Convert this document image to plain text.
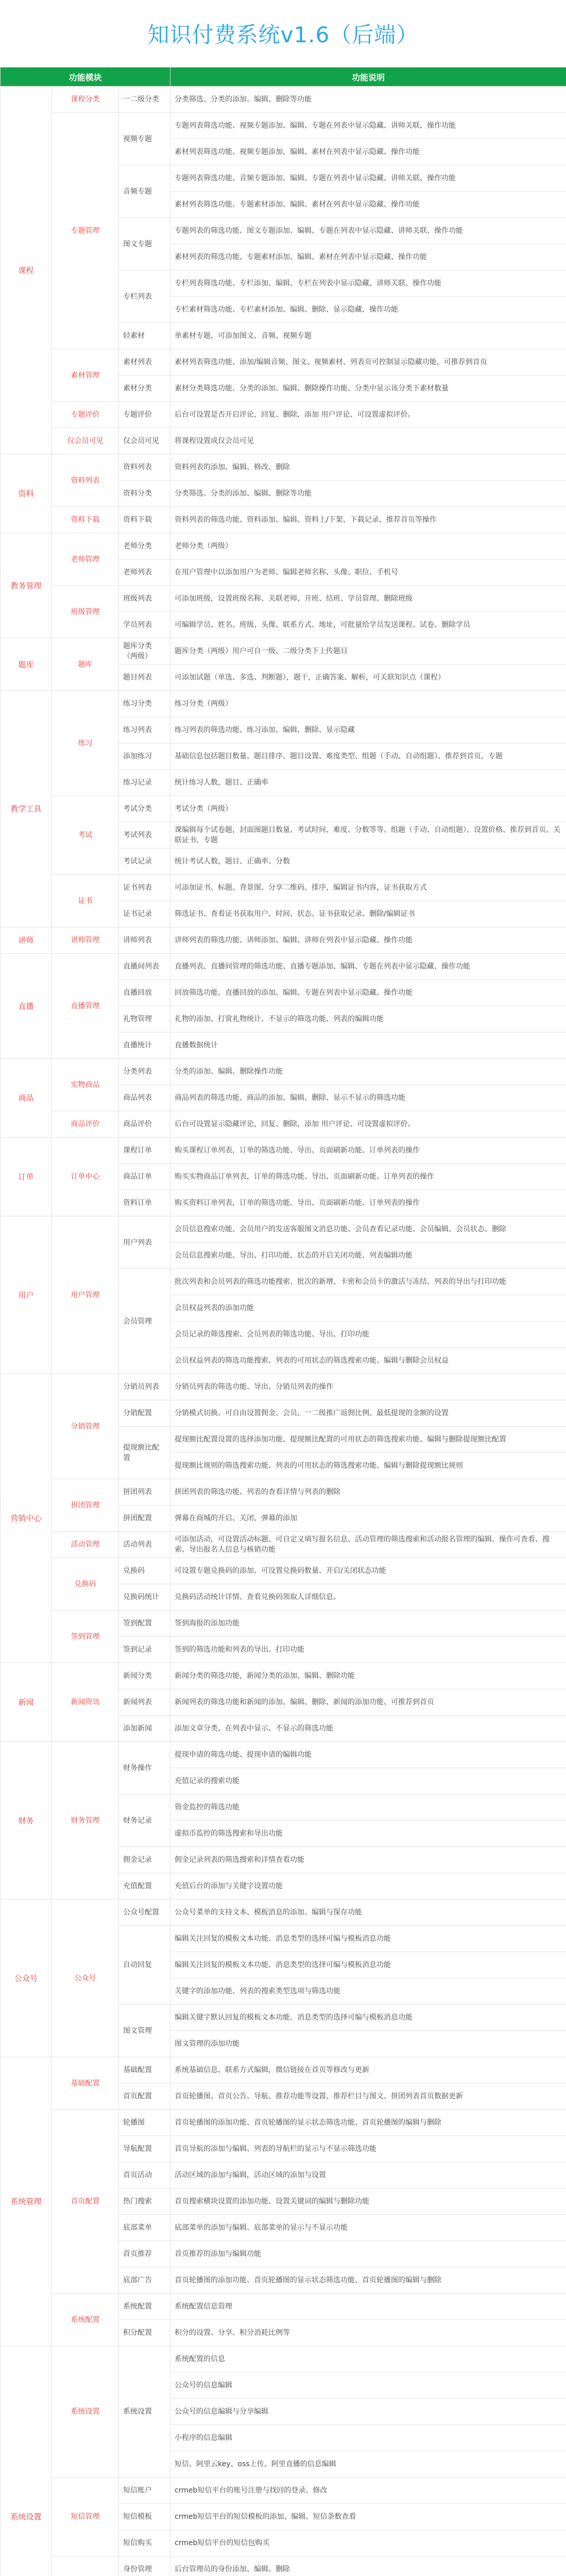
知识付费系统v1.6（后端）
功能模块			功能说明
课程	课程分类	一二级分类	分类筛选、分类的添加、编辑、删除等功能
	专题管理	视频专题	专题列表筛选功能、视频专题添加、编辑、专题在列表中显示隐藏、讲师关联、操作功能
			素材列表筛选功能、视频专题添加、编辑、素材在列表中显示隐藏、操作功能
		音频专题	专题列表筛选功能、音频专题添加、编辑、专题在列表中显示隐藏、讲师关联、操作功能
			素材列表筛选功能、专题素材添加、编辑、素材在列表中显示隐藏、操作功能
		图文专题	专题列表的筛选功能、图文专题添加、编辑、专题在列表中显示隐藏、讲师关联、操作功能
			素材列表的筛选功能、专题素材添加、编辑、素材在列表中显示隐藏、操作功能
		专栏列表	专栏列表筛选功能、专栏添加、编辑、专栏在列表中显示隐藏、讲师关联、操作功能
			专栏素材筛选功能、专栏素材添加、编辑、删除、显示隐藏、操作功能
		轻素材	单素材专题，可添加图文、音频、视频专题
	素材管理	素材列表	素材列表筛选功能、添加/编辑音频、图文、视频素材、列表页可控制显示隐藏功能，可推荐到首页
		素材分类	素材分类筛选功能、分类的添加、编辑、删除操作功能、分类中显示该分类下素材数量
	专题评价	专题评价	后台可设置是否开启评论，回复、删除，添加 用户评论、可设置虚拟评价。
	仅会员可见	仅会员可见	将课程设置成仅会员可见
资料	资料列表	资料列表	资料列表的添加、编辑、修改、删除
		资料分类	分类筛选、分类的添加、编辑、删除等功能
	资料下载	资料下载	资料列表的筛选功能、资料添加、编辑、资料上/下架、下载记录、推荐首页等操作
教务管理	老师管理	老师分类	老师分类（两级）
		老师列表	在用户管理中以添加用户为老师、编辑老师名称、头像、职位、手机号
	班级管理	班级列表	可添加班级，设置班级名称、关联老师、开班、结班、学员管理、删除班级
		学员列表	可编辑学员、姓名、班级、头像、联系方式、地址，可批量给学员发送课程、试卷、删除学员
题库	题库	题库分类（两级）	题库分类（两级）用户可自一级、二级分类下上传题目
		题目列表	可添加试题（单选、多选、判断题），题干，正确答案、解析，可关联知识点（课程）
教学工具	练习	练习分类	练习分类（两级）
		练习列表	练习列表的筛选功能、练习添加、编辑、删除、显示隐藏
		添加练习	基础信息包括题目数量、题目排序、题目设置、难度类型、组题（手动、自动组题）、推荐到首页、专题
		练习记录	统计练习人数，题目、正确率
	考试	考试分类	考试分类（两级）
		考试列表	课编辑每个试卷题，封面图题目数量、考试时间、难度、分数等等、组题（手动、自动组题）、设置价格、推荐到首页、关联证书、专题
		考试记录	统计考试人数，题目、正确率、分数
	证书	证书列表	可添加证书、标题、背景图、分享二维码、排序，编辑证书内容，证书获取方式
		证书记录	筛选证书、查看证书获取用户、时间、状态、证书获取记录、删除/编辑证书
讲师	讲师管理	讲师列表	讲师列表的筛选功能、讲师添加、编辑、讲师在列表中显示隐藏、操作功能
直播	直播管理	直播间列表	直播列表、直播间管理的筛选功能、直播专题添加、编辑、专题在列表中显示隐藏、操作功能
		直播回放	回放筛选功能、直播回放的添加、编辑、专题在列表中显示隐藏、操作功能
		礼物管理	礼物的添加、打赏礼物统计、不显示的筛选功能、列表的编辑功能
		直播统计	直播数据统计
商品	实物商品	分类列表	分类的添加、编辑、删除操作功能
		商品列表	商品列表的筛选功能、商品的添加、编辑、删除、显示不显示的筛选功能
	商品评价	商品评价	后台可设置显示隐藏评论，回复、删除，添加 用户评论、可设置虚拟评价。
订单	订单中心	课程订单	购买课程订单列表，订单的筛选功能、导出、页面刷新功能、订单列表的操作
		商品订单	购买实物商品订单列表，订单的筛选功能、导出、页面刷新功能、订单列表的操作
		资料订单	购买资料订单列表，订单的筛选功能、导出、页面刷新功能、订单列表的操作
用户	用户管理	用户列表	会员信息搜索功能、会员用户的发送客服图文消息功能、会员查看记录功能、会员编辑、会员状态、删除
			会员信息搜索功能、导出、打印功能、状态的开启关闭功能、列表编辑功能
		会员管理	批次列表和会员列表的筛选功能搜索、批次的新增、卡密和会员卡的激活与冻结、列表的导出与打印功能
			会员权益列表的添加功能
			会员记录的筛选搜索、会员列表的筛选功能、导出、打印功能
			会员权益列表的筛选功能搜索、列表的可用状态的筛选搜索功能、编辑与删除会员权益
营销中心	分销管理	分销员列表	分销员列表的筛选功能、导出、分销员列表的操作
		分销配置	分销模式切换、可自由设置佣金、会员、一二级推广返佣比例、最低提现的金额的设置
		提现额比配置	提现额比配置设置的选择添加功能、提现额比配置的可用状态的筛选搜索功能、编辑与删除提现额比配置
			提现额比规则的筛选搜索功能、列表的可用状态的筛选搜索功能、编辑与删除提现额比规则
	拼团管理	拼团列表	拼团列表的筛选功能、列表的查看详情与列表的删除
		拼团配置	弹幕在商城的开启、关闭、弹幕的添加
	活动管理	活动列表	可添加活动，可设置活动标题、可自定义填写报名信息、活动管理的筛选搜索和活动报名管理的编辑、操作可查看、搜索、导出报名人信息与核销功能
	兑换码	兑换码	可设置专题兑换码的添加、可设置兑换码数量、开启/关闭状态功能
		兑换码统计	兑换码活动统计详情、查看兑换码领取人详细信息。
	签到管理	签到配置	签到海报的添加功能
		签到记录	签到的筛选功能和列表的导出、打印功能
新闻	新闻资讯	新闻分类	新闻分类的筛选功能，新闻分类的添加、编辑、删除功能
		新闻列表	新闻列表的筛选功能和新闻的添加、编辑、删除、新闻的添加功能、可推荐到首页
		添加新闻	添加文章分类、在列表中显示、不显示的筛选功能
财务	财务管理	财务操作	提现申请的筛选功能、提现申请的编辑功能
			充值记录的搜索功能
		财务记录	资金监控的筛选功能
			虚拟币监控的筛选搜索和导出功能
		佣金记录	佣金记录列表的筛选搜索和详情查看功能
		充值配置	充值后台的添加与关键字设置功能
公众号	公众号	公众号配置	公众号菜单的支持文本、模板消息的添加、编辑与保存功能
		自动回复	编辑关注回复的模板文本功能、消息类型的选择可编与模板消息功能
			编辑关注回复的模板文本功能、消息类型的选择可编与模板消息功能
			关键字的添加功能、列表的搜索类型选项与筛选功能
		图文管理	编辑关键字默认回复的模板文本功能、消息类型的选择可编与模板消息功能
			图文管理的添加功能
系统管理	基础配置	基础配置	系统基础信息、联系方式编辑，微信链接在首页等修改与更新
		首页配置	首页轮播图、首页公告、导航、推荐功能等设置、推荐栏目与图文、拼团列表首页数据更新
	首页配置	轮播图	首页轮播图的添加功能、首页轮播图的显示状态筛选功能、首页轮播图的编辑与删除
		导航配置	首页导航的添加与编辑、列表的导航栏的显示与不显示筛选功能
		首页活动	活动区域的添加与编辑，活动区域的添加与设置
		热门搜索	首页搜索横块设置的添加功能、设置关键词的编辑与删除功能
		底部菜单	底部菜单的添加与编辑、底部菜单的显示与不显示功能
		首页推荐	首页推荐的添加与编辑功能
		底部广告	首页轮播图的添加功能、首页轮播图的显示状态筛选功能、首页轮播图的编辑与删除
	系统配置	系统配置	系统配置信息管理
		积分配置	积分的设置、分享、积分消耗比例等
系统设置	系统设置	系统设置	系统配置的信息
			公众号的信息编辑
			公众号的信息编辑与分享编辑
			小程序的信息编辑
			短信、阿里云key、oss上传、阿里直播的信息编辑
	短信管理	短信账户	crmeb短信平台的账号注册与找回的登录、修改
		短信模板	crmeb短信平台的短信模板的添加、编辑、短信条数查看
		短信购买	crmeb短信平台的短信包购买
	身份管理	后台管理员的身份添加、编辑、删除
